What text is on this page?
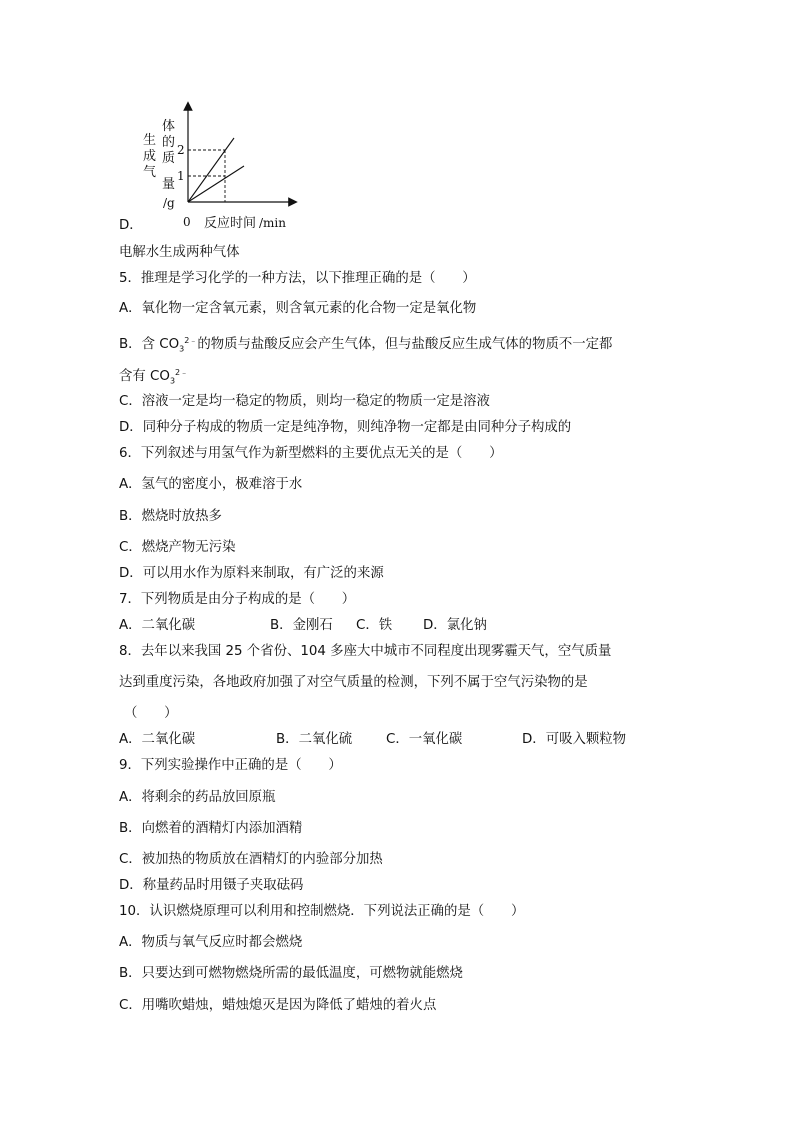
体
的
质
量
/g
生
成
气
2
1
0 反应时间 /min
D．
电解水生成两种气体
5．推理是学习化学的一种方法，以下推理正确的是（　　）
A．氧化物一定含氧元素，则含氧元素的化合物一定是氧化物
B．含 $CO_3^{2﹣}$的物质与盐酸反应会产生气体，但与盐酸反应生成气体的物质不一定都
含有 $CO_3^{2﹣}$
C．溶液一定是均一稳定的物质，则均一稳定的物质一定是溶液
D．同种分子构成的物质一定是纯净物，则纯净物一定都是由同种分子构成的
6．下列叙述与用氢气作为新型燃料的主要优点无关的是（　　）
A．氢气的密度小，极难溶于水
B．燃烧时放热多
C．燃烧产物无污染
D．可以用水作为原料来制取，有广泛的来源
7．下列物质是由分子构成的是（　　）
A．二氧化碳	B．金刚石 C．铁 D．氯化钠
8．去年以来我国 25 个省份、104 多座大中城市不同程度出现雾霾天气，空气质量
达到重度污染，各地政府加强了对空气质量的检测，下列不属于空气污染物的是
（　　）
A．二氧化碳	B．二氧化硫	C．一氧化碳	D．可吸入颗粒物
9．下列实验操作中正确的是（　　）
A．将剩余的药品放回原瓶
B．向燃着的酒精灯内添加酒精
C．被加热的物质放在酒精灯的内验部分加热
D．称量药品时用镊子夹取砝码
10．认识燃烧原理可以利用和控制燃烧．下列说法正确的是（　　）
A．物质与氧气反应时都会燃烧
B．只要达到可燃物燃烧所需的最低温度，可燃物就能燃烧
C．用嘴吹蜡烛，蜡烛熄灭是因为降低了蜡烛的着火点
